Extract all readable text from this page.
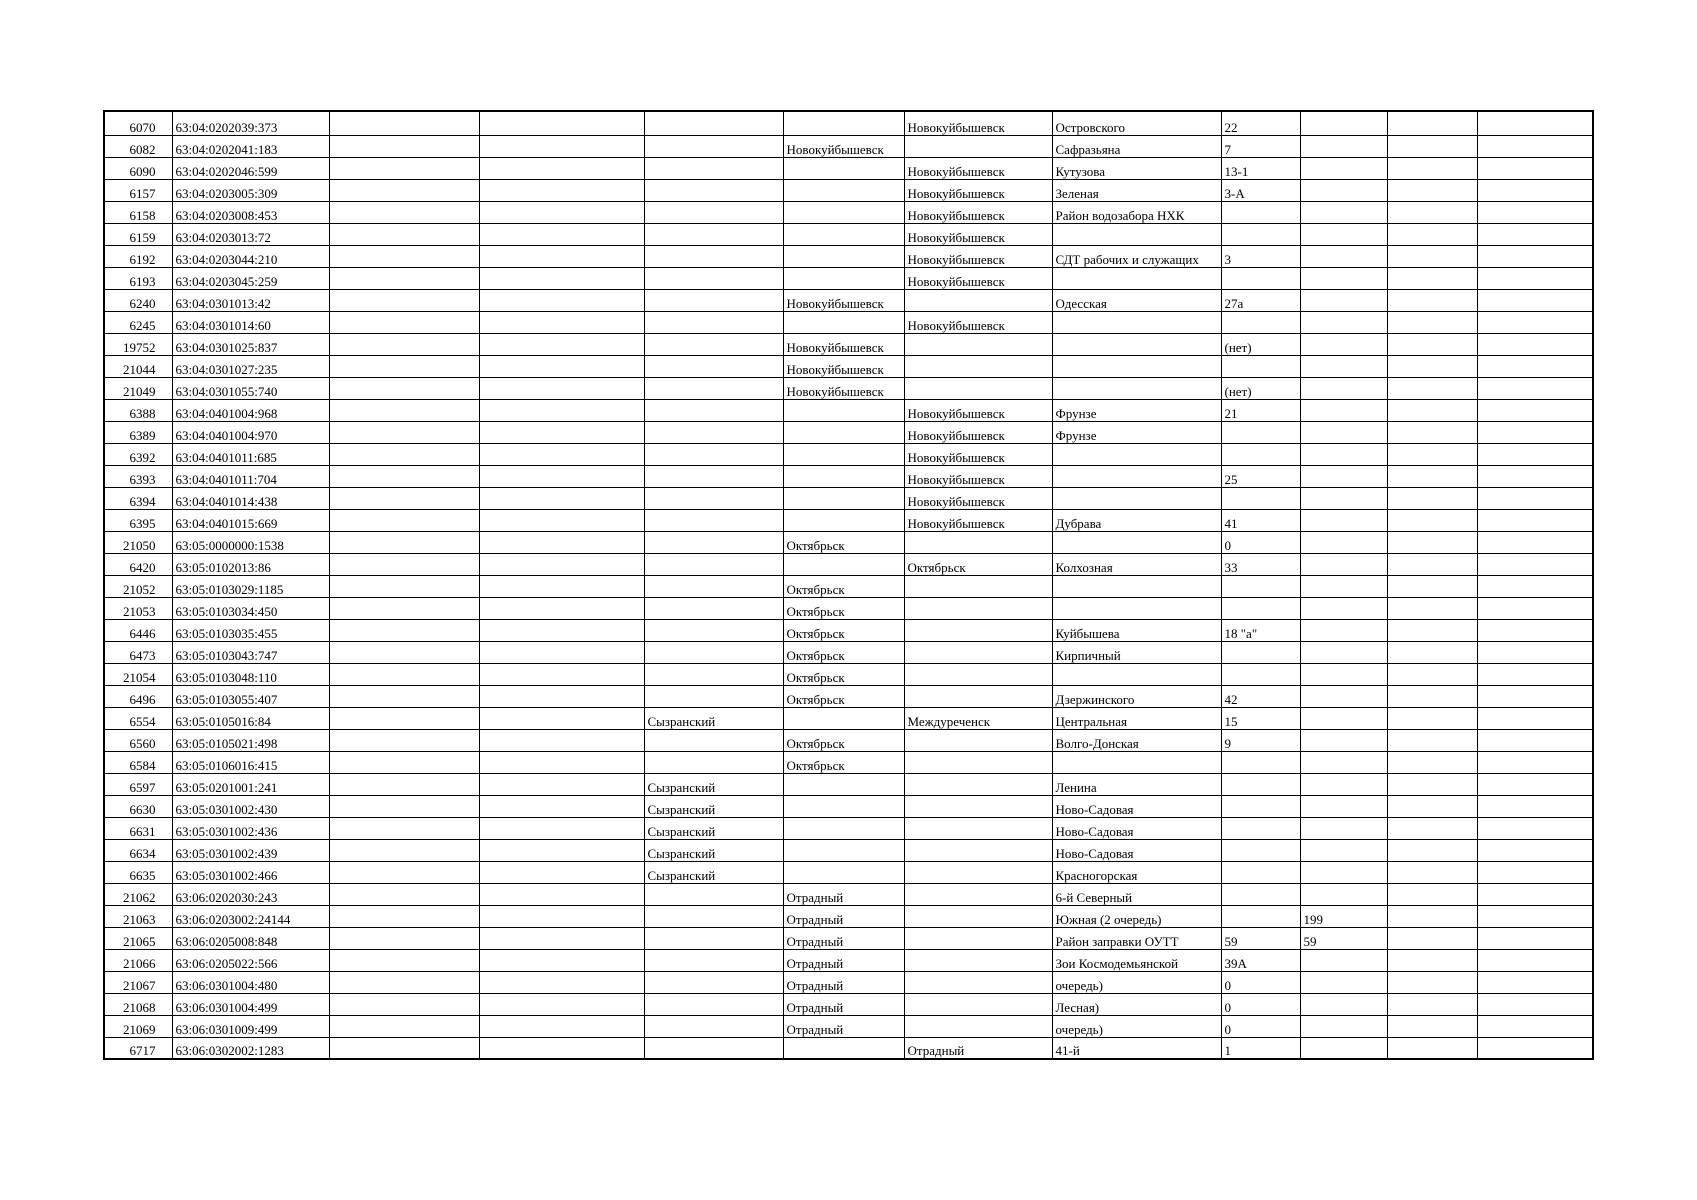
6070	63:04:0202039:373					Новокуйбышевск	Островского	22			
6082	63:04:0202041:183				Новокуйбышевск		Сафразьяна	7			
6090	63:04:0202046:599					Новокуйбышевск	Кутузова	13-1			
6157	63:04:0203005:309					Новокуйбышевск	Зеленая	3-А			
6158	63:04:0203008:453					Новокуйбышевск	Район водозабора НХК				
6159	63:04:0203013:72					Новокуйбышевск					
6192	63:04:0203044:210					Новокуйбышевск	СДТ рабочих и служащих	3			
6193	63:04:0203045:259					Новокуйбышевск					
6240	63:04:0301013:42				Новокуйбышевск		Одесская	27а			
6245	63:04:0301014:60					Новокуйбышевск					
19752	63:04:0301025:837				Новокуйбышевск			(нет)			
21044	63:04:0301027:235				Новокуйбышевск						
21049	63:04:0301055:740				Новокуйбышевск			(нет)			
6388	63:04:0401004:968					Новокуйбышевск	Фрунзе	21			
6389	63:04:0401004:970					Новокуйбышевск	Фрунзе				
6392	63:04:0401011:685					Новокуйбышевск					
6393	63:04:0401011:704					Новокуйбышевск		25			
6394	63:04:0401014:438					Новокуйбышевск					
6395	63:04:0401015:669					Новокуйбышевск	Дубрава	41			
21050	63:05:0000000:1538				Октябрьск			0			
6420	63:05:0102013:86					Октябрьск	Колхозная	33			
21052	63:05:0103029:1185				Октябрьск						
21053	63:05:0103034:450				Октябрьск						
6446	63:05:0103035:455				Октябрьск		Куйбышева	18 "а"			
6473	63:05:0103043:747				Октябрьск		Кирпичный				
21054	63:05:0103048:110				Октябрьск						
6496	63:05:0103055:407				Октябрьск		Дзержинского	42			
6554	63:05:0105016:84			Сызранский		Междуреченск	Центральная	15			
6560	63:05:0105021:498				Октябрьск		Волго-Донская	9			
6584	63:05:0106016:415				Октябрьск						
6597	63:05:0201001:241			Сызранский			Ленина				
6630	63:05:0301002:430			Сызранский			Ново-Садовая				
6631	63:05:0301002:436			Сызранский			Ново-Садовая				
6634	63:05:0301002:439			Сызранский			Ново-Садовая				
6635	63:05:0301002:466			Сызранский			Красногорская				
21062	63:06:0202030:243				Отрадный		6-й Северный				
21063	63:06:0203002:24144				Отрадный		Южная (2 очередь)		199		
21065	63:06:0205008:848				Отрадный		Район заправки ОУТТ	59	59		
21066	63:06:0205022:566				Отрадный		Зои Космодемьянской	39А			
21067	63:06:0301004:480				Отрадный		очередь)	0			
21068	63:06:0301004:499				Отрадный		Лесная)	0			
21069	63:06:0301009:499				Отрадный		очередь)	0			
6717	63:06:0302002:1283					Отрадный	41-й	1			
